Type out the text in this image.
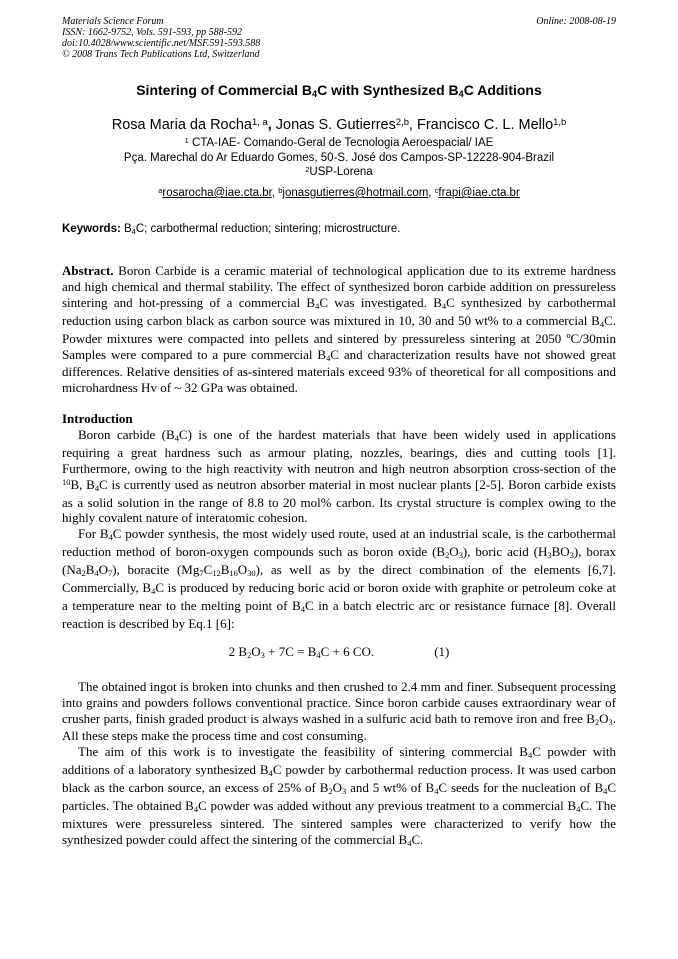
Materials Science Forum
ISSN: 1662-9752, Vols. 591-593, pp 588-592
doi:10.4028/www.scientific.net/MSF.591-593.588
© 2008 Trans Tech Publications Ltd, Switzerland
Online: 2008-08-19
Sintering of Commercial $B_4C$ with Synthesized $B_4C$ Additions
Rosa Maria da Rocha$^{1, a}$, Jonas S. Gutierres$^{2,b}$, Francisco C. L. Mello$^{1,b}$
$^1$ CTA-IAE- Comando-Geral de Tecnologia Aeroespacial/ IAE
Pça. Marechal do Ar Eduardo Gomes, 50-S. José dos Campos-SP-12228-904-Brazil
$^2$USP-Lorena
$^a$rosarocha@iae.cta.br, $^b$jonasgutierres@hotmail.com, $^c$frapi@iae.cta.br
Keywords: $B_4C$; carbothermal reduction; sintering; microstructure.
Abstract. Boron Carbide is a ceramic material of technological application due to its extreme hardness and high chemical and thermal stability. The effect of synthesized boron carbide addition on pressureless sintering and hot-pressing of a commercial $B_4C$ was investigated. $B_4C$ synthesized by carbothermal reduction using carbon black as carbon source was mixtured in 10, 30 and 50 wt% to a commercial $B_4C$. Powder mixtures were compacted into pellets and sintered by pressureless sintering at 2050 ºC/30min Samples were compared to a pure commercial $B_4C$ and characterization results have not showed great differences. Relative densities of as-sintered materials exceed 93% of theoretical for all compositions and microhardness Hv of ~ 32 GPa was obtained.

Introduction

Boron carbide $(B_4C)$ is one of the hardest materials that have been widely used in applications requiring a great hardness such as armour plating, nozzles, bearings, dies and cutting tools [1]. Furthermore, owing to the high reactivity with neutron and high neutron absorption cross-section of the $^{10}$B, $B_4C$ is currently used as neutron absorber material in most nuclear plants [2-5]. Boron carbide exists as a solid solution in the range of 8.8 to 20 mol% carbon. Its crystal structure is complex owing to the highly covalent nature of interatomic cohesion.

For $B_4C$ powder synthesis, the most widely used route, used at an industrial scale, is the carbothermal reduction method of boron-oxygen compounds such as boron oxide $(B_2O_3)$, boric acid $(H_3BO_3)$, borax $(Na_2B_4O_7)$, boracite $(Mg_7C_{12}B_{16}O_{30})$, as well as by the direct combination of the elements [6,7]. Commercially, $B_4C$ is produced by reducing boric acid or boron oxide with graphite or petroleum coke at a temperature near to the melting point of $B_4C$ in a batch electric arc or resistance furnace [8]. Overall reaction is described by Eq.1 [6]:

2 $B_2O_3 + 7C = B_4C + 6$ CO.	(1)

The obtained ingot is broken into chunks and then crushed to 2.4 mm and finer. Subsequent processing into grains and powders follows conventional practice. Since boron carbide causes extraordinary wear of crusher parts, finish graded product is always washed in a sulfuric acid bath to remove iron and free $B_2O_3$. All these steps make the process time and cost consuming.

The aim of this work is to investigate the feasibility of sintering commercial $B_4C$ powder with additions of a laboratory synthesized $B_4C$ powder by carbothermal reduction process. It was used carbon black as the carbon source, an excess of 25% of $B_2O_3$ and 5 wt% of $B_4C$ seeds for the nucleation of $B_4C$ particles. The obtained $B_4C$ powder was added without any previous treatment to a commercial $B_4C$. The mixtures were pressureless sintered. The sintered samples were characterized to verify how the synthesized powder could affect the sintering of the commercial $B_4C$.
